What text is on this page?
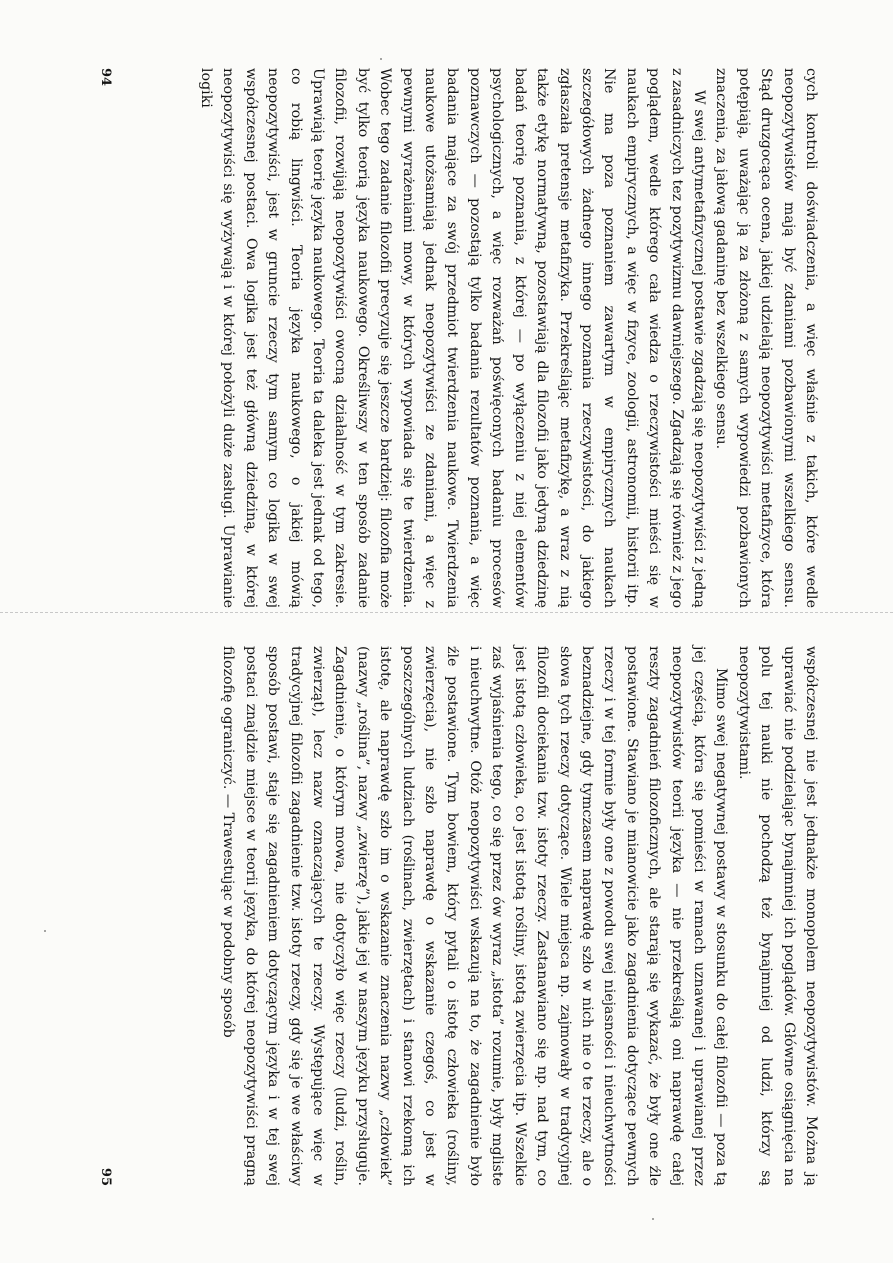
cych kontroli doświadczenia, a więc właśnie z takich, które wedle neopozytywistów mają być zdaniami pozbawionymi wszelkiego sensu. Stąd druzgocąca ocena, jakiej udzielają neopozytywiści metafizyce, która potępiają, uważając ją za złożoną z samych wypowiedzi pozbawionych znaczenia, za jałową gadaninę bez wszelkiego sensu.

W swej antymetafizycznej postawie zgadzają się neopozytywiści z jedną z zasadniczych tez pozytywizmu dawniejszego. Zgadzają się również z jego poglądem, wedle którego cała wiedza o rzeczywistości mieści się w naukach empirycznych, a więc w fizyce, zoologii, astronomii, historii itp. Nie ma poza poznaniem zawartym w empirycznych naukach szczegółowych żadnego innego poznania rzeczywistości, do jakiego zgłaszała pretensje metafizyka. Przekreślając metafizykę, a wraz z nią także etykę normatywną, pozostawiają dla filozofii jako jedyną dziedzinę badań teorię poznania, z której — po wyłączeniu z niej elementów psychologicznych, a więc rozważań poświęconych badaniu procesów poznawczych — pozostają tylko badania rezultatów poznania, a więc badania mające za swój przedmiot twierdzenia naukowe. Twierdzenia naukowe utożsamiają jednak neopozytywiści ze zdaniami, a więc z pewnymi wyrażeniami mowy, w których wypowiada się te twierdzenia. Wobec tego zadanie filozofii precyzuje się jeszcze bardziej: filozofia może być tylko teorią języka naukowego. Określiwszy w ten sposób zadanie filozofii, rozwijają neopozytywiści owocną działalność w tym zakresie. Uprawiają teorię języka naukowego. Teoria ta daleka jest jednak od tego, co robią lingwiści. Teoria języka naukowego, o jakiej mówią neopozytywiści, jest w gruncie rzeczy tym samym co logika w swej współczesnej postaci. Owa logika jest też główną dziedziną, w której neopozytywiści się wyżywają i w której położyli duże zasługi. Uprawianie logiki

94

współczesnej nie jest jednakże monopolem neopozytywistów. Można ją uprawiać nie podzielając bynajmniej ich poglądów. Główne osiągnięcia na polu tej nauki nie pochodzą też bynajmniej od ludzi, którzy są neopozytywistami.

Mimo swej negatywnej postawy w stosunku do całej filozofii — poza tą jej częścią, która się pomieści w ramach uznawanej i uprawianej przez neopozytywistów teorii języka — nie przekreślają oni naprawdę całej reszty zagadnień filozoficznych, ale starają się wykazać, że były one źle postawione. Stawiano je mianowicie jako zagadnienia dotyczące pewnych rzeczy i w tej formie były one z powodu swej niejasności i nieuchwytności beznadziejne, gdy tymczasem naprawdę szło w nich nie o te rzeczy, ale o słowa tych rzeczy dotyczące. Wiele miejsca np. zajmowały w tradycyjnej filozofii dociekania tzw. istoty rzeczy. Zastanawiano się np. nad tym, co jest istotą człowieka, co jest istotą rośliny, istotą zwierzęcia itp. Wszelkie zaś wyjaśnienia tego, co się przez ów wyraz „istota” rozumie, były mgliste i nieuchwytne. Otóż neopozytywiści wskazują na to, że zagadnienie było źle postawione. Tym bowiem, który pytali o istotę człowieka (rośliny, zwierzęcia), nie szło naprawdę o wskazanie czegoś, co jest w poszczególnych ludziach (roślinach, zwierzętach) i stanowi rzekomą ich istotę, ale naprawdę szło im o wskazanie znaczenia nazwy „człowiek” (nazwy „roślina”, nazwy „zwierzę”), jakie jej w naszym języku przysługuje. Zagadnienie, o którym mowa, nie dotyczyło więc rzeczy (ludzi, roślin, zwierząt), lecz nazw oznaczających te rzeczy. Występujące więc w tradycyjnej filozofii zagadnienie tzw. istoty rzeczy, gdy się je we właściwy sposób postawi, staje się zagadnieniem dotyczącym języka i w tej swej postaci znajdzie miejsce w teorii języka, do której neopozytywiści pragną filozofię ograniczyć. — Trawestując w podobny sposób

95
